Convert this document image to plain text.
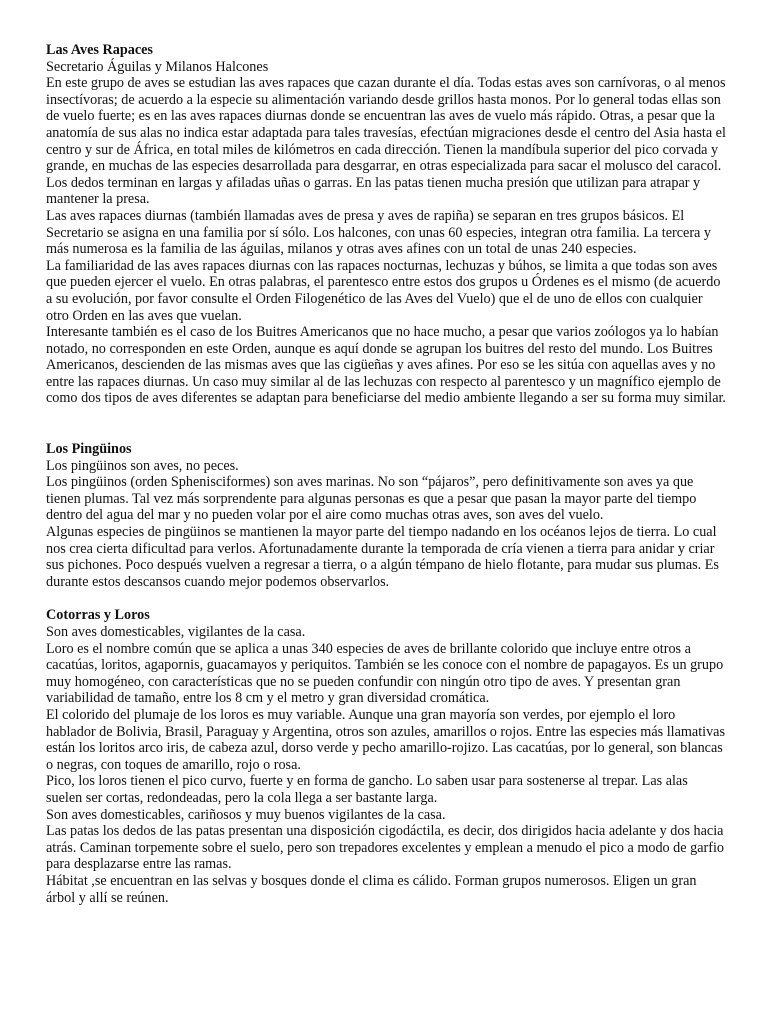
Las Aves Rapaces

Secretario Águilas y Milanos Halcones

En este grupo de aves se estudian las aves rapaces que cazan durante el día. Todas estas aves son carnívoras, o al menos insectívoras; de acuerdo a la especie su alimentación variando desde grillos hasta monos. Por lo general todas ellas son de vuelo fuerte; es en las aves rapaces diurnas donde se encuentran las aves de vuelo más rápido. Otras, a pesar que la anatomía de sus alas no indica estar adaptada para tales travesías, efectúan migraciones desde el centro del Asia hasta el centro y sur de África, en total miles de kilómetros en cada dirección. Tienen la mandíbula superior del pico corvada y grande, en muchas de las especies desarrollada para desgarrar, en otras especializada para sacar el molusco del caracol. Los dedos terminan en largas y afiladas uñas o garras. En las patas tienen mucha presión que utilizan para atrapar y mantener la presa.

Las aves rapaces diurnas (también llamadas aves de presa y aves de rapiña) se separan en tres grupos básicos. El Secretario se asigna en una familia por sí sólo. Los halcones, con unas 60 especies, integran otra familia. La tercera y más numerosa es la familia de las águilas, milanos y otras aves afines con un total de unas 240 especies.

La familiaridad de las aves rapaces diurnas con las rapaces nocturnas, lechuzas y búhos, se limita a que todas son aves que pueden ejercer el vuelo. En otras palabras, el parentesco entre estos dos grupos u Órdenes es el mismo (de acuerdo a su evolución, por favor consulte el Orden Filogenético de las Aves del Vuelo) que el de uno de ellos con cualquier otro Orden en las aves que vuelan.

Interesante también es el caso de los Buitres Americanos que no hace mucho, a pesar que varios zoólogos ya lo habían notado, no corresponden en este Orden, aunque es aquí donde se agrupan los buitres del resto del mundo. Los Buitres Americanos, descienden de las mismas aves que las cigüeñas y aves afines. Por eso se les sitúa con aquellas aves y no entre las rapaces diurnas. Un caso muy similar al de las lechuzas con respecto al parentesco y un magnífico ejemplo de como dos tipos de aves diferentes se adaptan para beneficiarse del medio ambiente llegando a ser su forma muy similar.

Los Pingüinos

Los pingüinos son aves, no peces.

Los pingüinos (orden Sphenisciformes) son aves marinas. No son “pájaros”, pero definitivamente son aves ya que tienen plumas. Tal vez más sorprendente para algunas personas es que a pesar que pasan la mayor parte del tiempo dentro del agua del mar y no pueden volar por el aire como muchas otras aves, son aves del vuelo.

Algunas especies de pingüinos se mantienen la mayor parte del tiempo nadando en los océanos lejos de tierra. Lo cual nos crea cierta dificultad para verlos. Afortunadamente durante la temporada de cría vienen a tierra para anidar y criar sus pichones. Poco después vuelven a regresar a tierra, o a algún témpano de hielo flotante, para mudar sus plumas. Es durante estos descansos cuando mejor podemos observarlos.

Cotorras y Loros

Son aves domesticables, vigilantes de la casa.

Loro es el nombre común que se aplica a unas 340 especies de aves de brillante colorido que incluye entre otros a cacatúas, loritos, agapornis, guacamayos y periquitos. También se les conoce con el nombre de papagayos. Es un grupo muy homogéneo, con características que no se pueden confundir con ningún otro tipo de aves. Y presentan gran variabilidad de tamaño, entre los 8 cm y el metro y gran diversidad cromática.

El colorido del plumaje de los loros es muy variable. Aunque una gran mayoría son verdes, por ejemplo el loro hablador de Bolivia, Brasil, Paraguay y Argentina, otros son azules, amarillos o rojos. Entre las especies más llamativas están los loritos arco iris, de cabeza azul, dorso verde y pecho amarillo-rojizo. Las cacatúas, por lo general, son blancas o negras, con toques de amarillo, rojo o rosa.

Pico, los loros tienen el pico curvo, fuerte y en forma de gancho. Lo saben usar para sostenerse al trepar. Las alas suelen ser cortas, redondeadas, pero la cola llega a ser bastante larga.

Son aves domesticables, cariñosos y muy buenos vigilantes de la casa.

Las patas los dedos de las patas presentan una disposición cigodáctila, es decir, dos dirigidos hacia adelante y dos hacia atrás. Caminan torpemente sobre el suelo, pero son trepadores excelentes y emplean a menudo el pico a modo de garfio para desplazarse entre las ramas.

Hábitat ,se encuentran en las selvas y bosques donde el clima es cálido. Forman grupos numerosos. Eligen un gran árbol y allí se reúnen.
